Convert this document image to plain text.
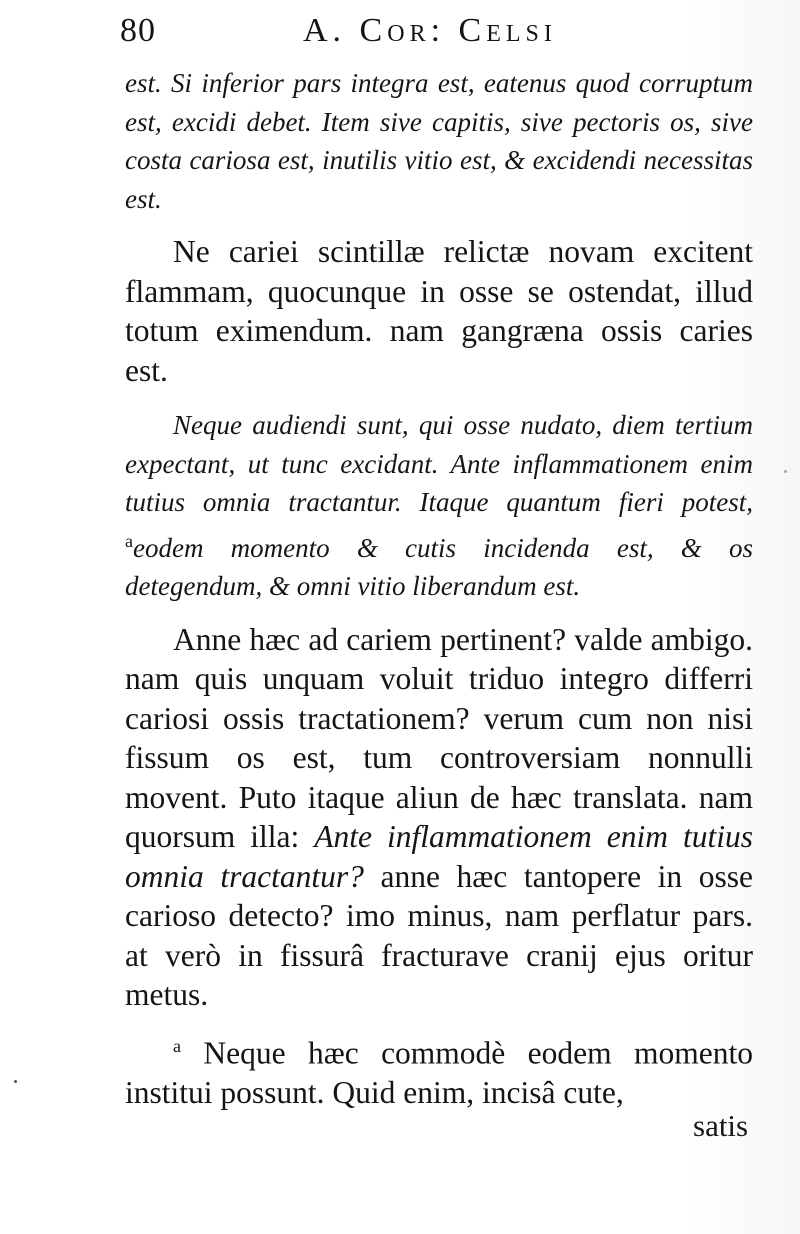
80	A. Cor: Celsi

est. Si inferior pars integra est, eatenus quod corruptum est, excidi debet. Item sive capitis, sive pectoris os, sive costa cariosa est, inutilis vitio est, & excidendi necessitas est.

Ne cariei scintillæ relictæ novam excitent flammam, quocunque in osse se ostendat, illud totum eximendum. nam gangræna ossis caries est.

Neque audiendi sunt, qui osse nudato, diem tertium expectant, ut tunc excidant. Ante inflammationem enim tutius omnia tractantur. Itaque quantum fieri potest, $^a$eodem momento & cutis incidenda est, & os detegendum, & omni vitio liberandum est.

Anne hæc ad cariem pertinent? valde ambigo. nam quis unquam voluit triduo integro differri cariosi ossis tractationem? verum cum non nisi fissum os est, tum controversiam nonnulli movent. Puto itaque aliun de hæc translata. nam quorsum illa: Ante inflammationem enim tutius omnia tractantur? anne hæc tantopere in osse carioso detecto? imo minus, nam perflatur pars. at verò in fissurâ fracturave cranij ejus oritur metus.

$^a$ Neque hæc commodè eodem momento institui possunt. Quid enim, incisâ cute,

satis
